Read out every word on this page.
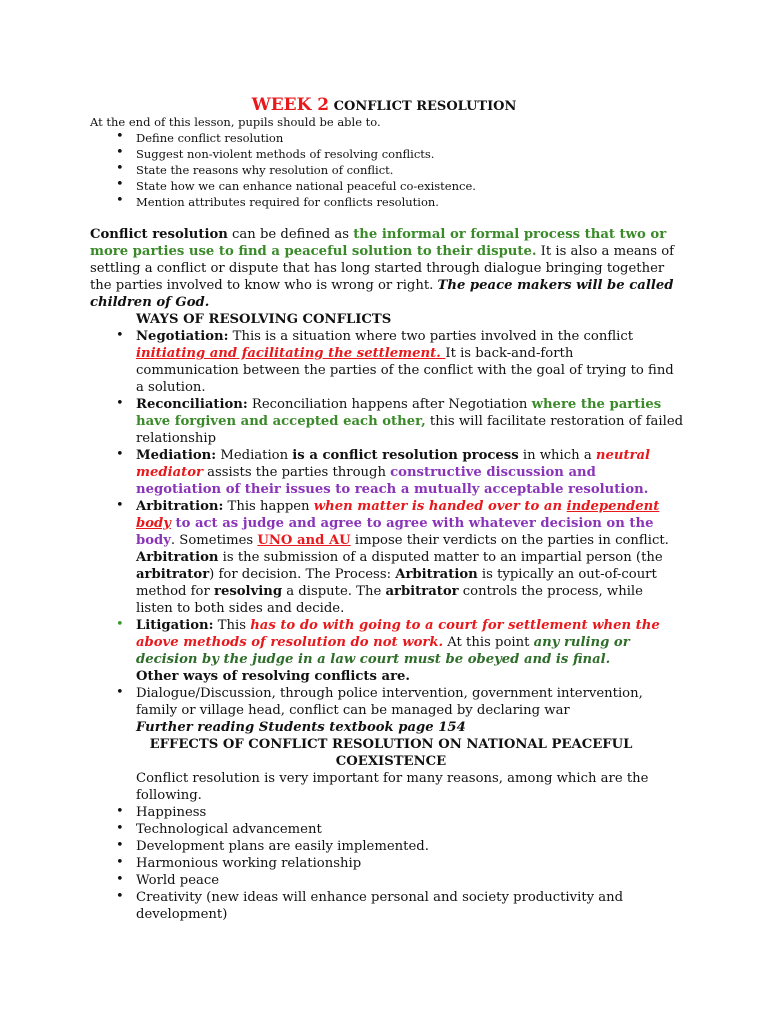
WEEK 2 CONFLICT RESOLUTION
At the end of this lesson, pupils should be able to.
• Define conflict resolution
• Suggest non-violent methods of resolving conflicts.
• State the reasons why resolution of conflict.
• State how we can enhance national peaceful co-existence.
• Mention attributes required for conflicts resolution.
Conflict resolution can be defined as the informal or formal process that two or
more parties use to find a peaceful solution to their dispute. It is also a means of
settling a conflict or dispute that has long started through dialogue bringing together
the parties involved to know who is wrong or right. The peace makers will be called
children of God.
WAYS OF RESOLVING CONFLICTS
• Negotiation: This is a situation where two parties involved in the conflict
initiating and facilitating the settlement. It is back-and-forth
communication between the parties of the conflict with the goal of trying to find
a solution.
• Reconciliation: Reconciliation happens after Negotiation where the parties
have forgiven and accepted each other, this will facilitate restoration of failed
relationship
• Mediation: Mediation is a conflict resolution process in which a neutral
mediator assists the parties through constructive discussion and
negotiation of their issues to reach a mutually acceptable resolution.
• Arbitration: This happen when matter is handed over to an independent
body to act as judge and agree to agree with whatever decision on the
body. Sometimes UNO and AU impose their verdicts on the parties in conflict.
Arbitration is the submission of a disputed matter to an impartial person (the
arbitrator) for decision. The Process: Arbitration is typically an out-of-court
method for resolving a dispute. The arbitrator controls the process, while
listen to both sides and decide.
• Litigation: This has to do with going to a court for settlement when the
above methods of resolution do not work. At this point any ruling or
decision by the judge in a law court must be obeyed and is final.
Other ways of resolving conflicts are.
• Dialogue/Discussion, through police intervention, government intervention,
family or village head, conflict can be managed by declaring war
Further reading Students textbook page 154
EFFECTS OF CONFLICT RESOLUTION ON NATIONAL PEACEFUL
COEXISTENCE
Conflict resolution is very important for many reasons, among which are the
following.
• Happiness
• Technological advancement
• Development plans are easily implemented.
• Harmonious working relationship
• World peace
• Creativity (new ideas will enhance personal and society productivity and
development)
